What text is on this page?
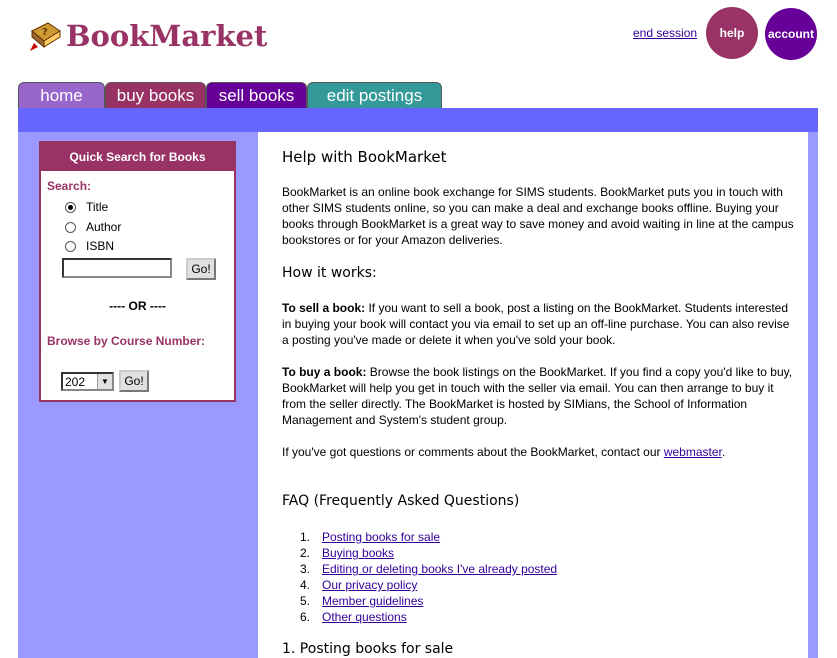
? BookMarket	end session	help	account
home	buy books	sell books	edit postings
Quick Search for Books
Search:
Title
Author
ISBN
Go!
---- OR ----
Browse by Course Number:
202	▼	Go!
Help with BookMarket

BookMarket is an online book exchange for SIMS students. BookMarket puts you in touch with other SIMS students online, so you can make a deal and exchange books offline. Buying your books through BookMarket is a great way to save money and avoid waiting in line at the campus bookstores or for your Amazon deliveries.

How it works:

To sell a book: If you want to sell a book, post a listing on the BookMarket. Students interested in buying your book will contact you via email to set up an off-line purchase. You can also revise a posting you've made or delete it when you've sold your book.

To buy a book: Browse the book listings on the BookMarket. If you find a copy you'd like to buy, BookMarket will help you get in touch with the seller via email. You can then arrange to buy it from the seller directly. The BookMarket is hosted by SIMians, the School of Information Management and System's student group.

If you've got questions or comments about the BookMarket, contact our webmaster.

FAQ (Frequently Asked Questions)
1. Posting books for sale
2. Buying books
3. Editing or deleting books I've already posted
4. Our privacy policy
5. Member guidelines
6. Other questions
1. Posting books for sale
